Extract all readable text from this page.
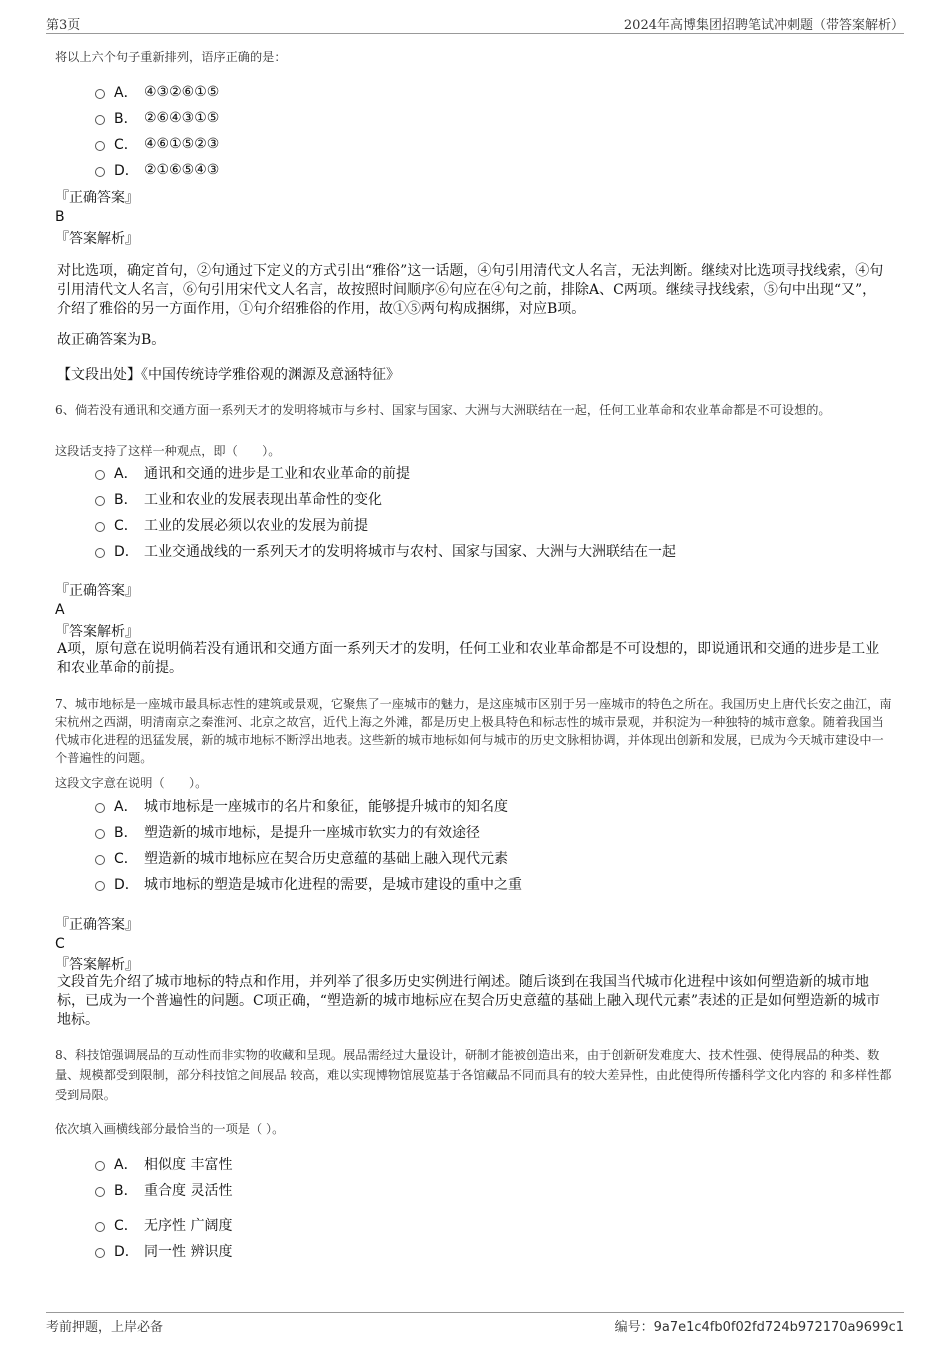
第3页	2024年高博集团招聘笔试冲刺题（带答案解析）
将以上六个句子重新排列，语序正确的是：
A． ④③②⑥①⑤
B． ②⑥④③①⑤
C． ④⑥①⑤②③
D． ②①⑥⑤④③
『正确答案』
B
『答案解析』
对比选项，确定首句，②句通过下定义的方式引出“雅俗”这一话题，④句引用清代文人名言，无法判断。继续对比选项寻找线索，④句引用清代文人名言，⑥句引用宋代文人名言，故按照时间顺序⑥句应在④句之前，排除A、C两项。继续寻找线索，⑤句中出现“又”，介绍了雅俗的另一方面作用，①句介绍雅俗的作用，故①⑤两句构成捆绑，对应B项。
故正确答案为B。
【文段出处】《中国传统诗学雅俗观的渊源及意涵特征》
6、倘若没有通讯和交通方面一系列天才的发明将城市与乡村、国家与国家、大洲与大洲联结在一起，任何工业革命和农业革命都是不可设想的。
这段话支持了这样一种观点，即（　　）。
A． 通讯和交通的进步是工业和农业革命的前提
B． 工业和农业的发展表现出革命性的变化
C． 工业的发展必须以农业的发展为前提
D． 工业交通战线的一系列天才的发明将城市与农村、国家与国家、大洲与大洲联结在一起
『正确答案』
A
『答案解析』
A项，原句意在说明倘若没有通讯和交通方面一系列天才的发明，任何工业和农业革命都是不可设想的，即说通讯和交通的进步是工业和农业革命的前提。
7、城市地标是一座城市最具标志性的建筑或景观，它聚焦了一座城市的魅力，是这座城市区别于另一座城市的特色之所在。我国历史上唐代长安之曲江，南宋杭州之西湖，明清南京之秦淮河、北京之故宫，近代上海之外滩，都是历史上极具特色和标志性的城市景观，并积淀为一种独特的城市意象。随着我国当代城市化进程的迅猛发展，新的城市地标不断浮出地表。这些新的城市地标如何与城市的历史文脉相协调，并体现出创新和发展，已成为今天城市建设中一个普遍性的问题。
这段文字意在说明（　　）。
A． 城市地标是一座城市的名片和象征，能够提升城市的知名度
B． 塑造新的城市地标，是提升一座城市软实力的有效途径
C． 塑造新的城市地标应在契合历史意蕴的基础上融入现代元素
D． 城市地标的塑造是城市化进程的需要，是城市建设的重中之重
『正确答案』
C
『答案解析』
文段首先介绍了城市地标的特点和作用，并列举了很多历史实例进行阐述。随后谈到在我国当代城市化进程中该如何塑造新的城市地标，已成为一个普遍性的问题。C项正确，“塑造新的城市地标应在契合历史意蕴的基础上融入现代元素”表述的正是如何塑造新的城市地标。
8、科技馆强调展品的互动性而非实物的收藏和呈现。展品需经过大量设计，研制才能被创造出来，由于创新研发难度大、技术性强、使得展品的种类、数量、规模都受到限制，部分科技馆之间展品 较高，难以实现博物馆展览基于各馆藏品不同而具有的较大差异性，由此使得所传播科学文化内容的 和多样性都受到局限。
依次填入画横线部分最恰当的一项是（ ）。
A． 相似度 丰富性
B． 重合度 灵活性
C． 无序性 广阔度
D． 同一性 辨识度
考前押题，上岸必备	编号：9a7e1c4fb0f02fd724b972170a9699c1
